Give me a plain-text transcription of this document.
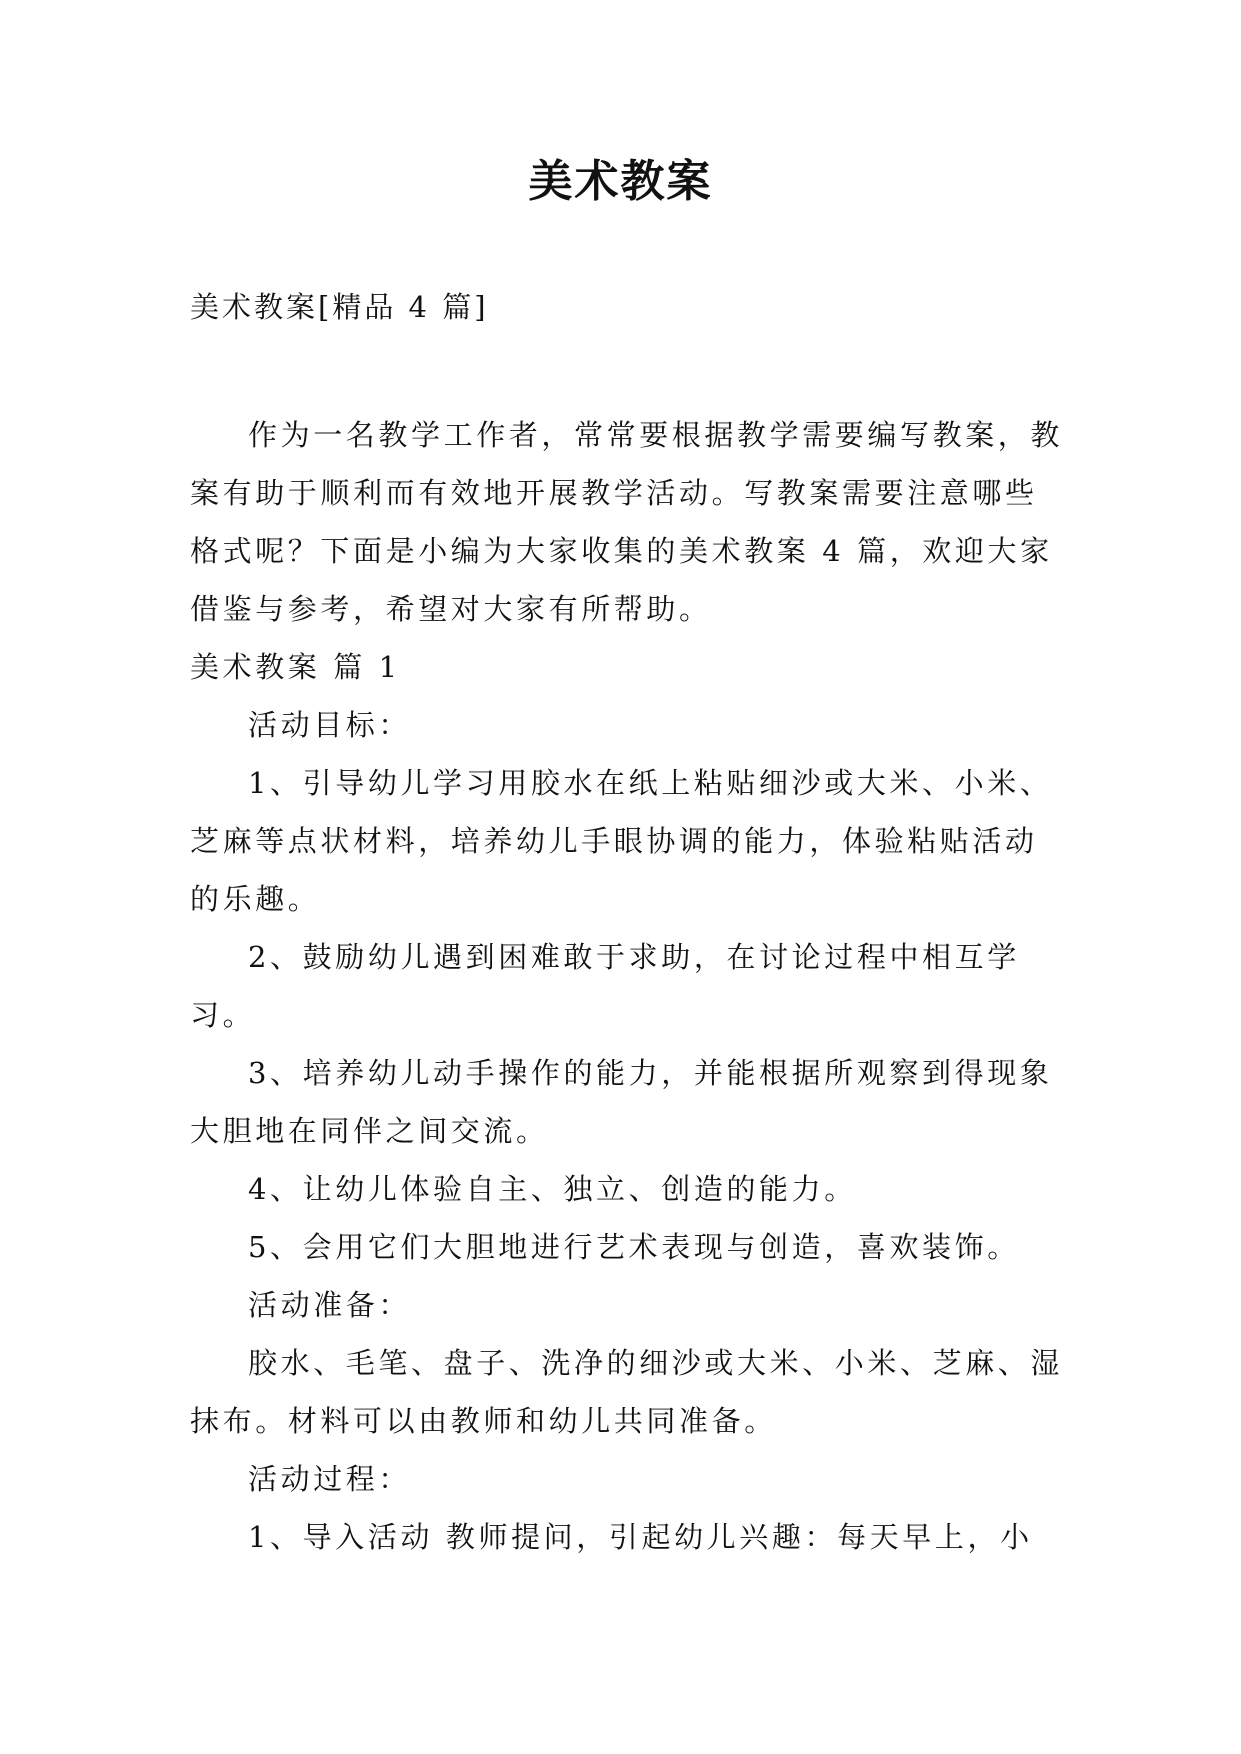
美术教案
美术教案[精品 4 篇]

作为一名教学工作者，常常要根据教学需要编写教案，教案有助于顺利而有效地开展教学活动。写教案需要注意哪些格式呢？下面是小编为大家收集的美术教案 4 篇，欢迎大家借鉴与参考，希望对大家有所帮助。

美术教案 篇 1

活动目标：

1、引导幼儿学习用胶水在纸上粘贴细沙或大米、小米、芝麻等点状材料，培养幼儿手眼协调的能力，体验粘贴活动的乐趣。

2、鼓励幼儿遇到困难敢于求助，在讨论过程中相互学习。

3、培养幼儿动手操作的能力，并能根据所观察到得现象大胆地在同伴之间交流。

4、让幼儿体验自主、独立、创造的能力。

5、会用它们大胆地进行艺术表现与创造，喜欢装饰。

活动准备：

胶水、毛笔、盘子、洗净的细沙或大米、小米、芝麻、湿抹布。材料可以由教师和幼儿共同准备。

活动过程：

1、导入活动 教师提问，引起幼儿兴趣：每天早上，小
